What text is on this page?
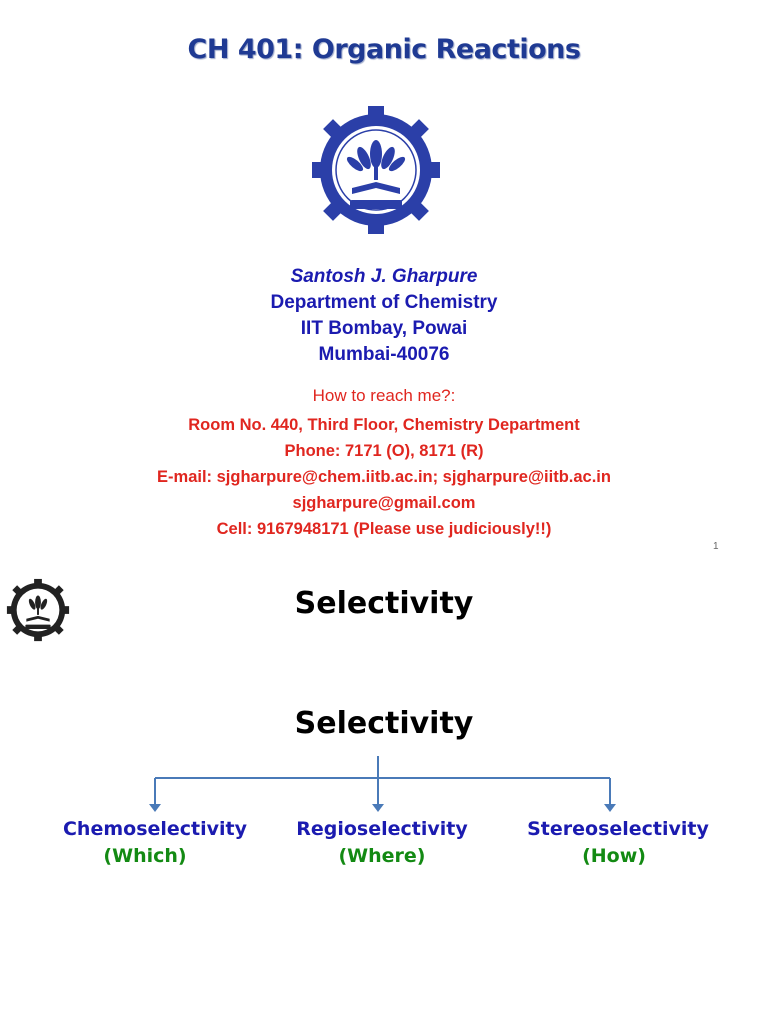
CH 401: Organic Reactions
Santosh J. Gharpure
Department of Chemistry
IIT Bombay, Powai
Mumbai-40076
How to reach me?:
Room No. 440, Third Floor, Chemistry Department
Phone: 7171 (O), 8171 (R)
E-mail: sjgharpure@chem.iitb.ac.in; sjgharpure@iitb.ac.in
sjgharpure@gmail.com
Cell: 9167948171 (Please use judiciously!!)
1
Selectivity
Selectivity
Chemoselectivity
(Which)
Regioselectivity
(Where)
Stereoselectivity
(How)
